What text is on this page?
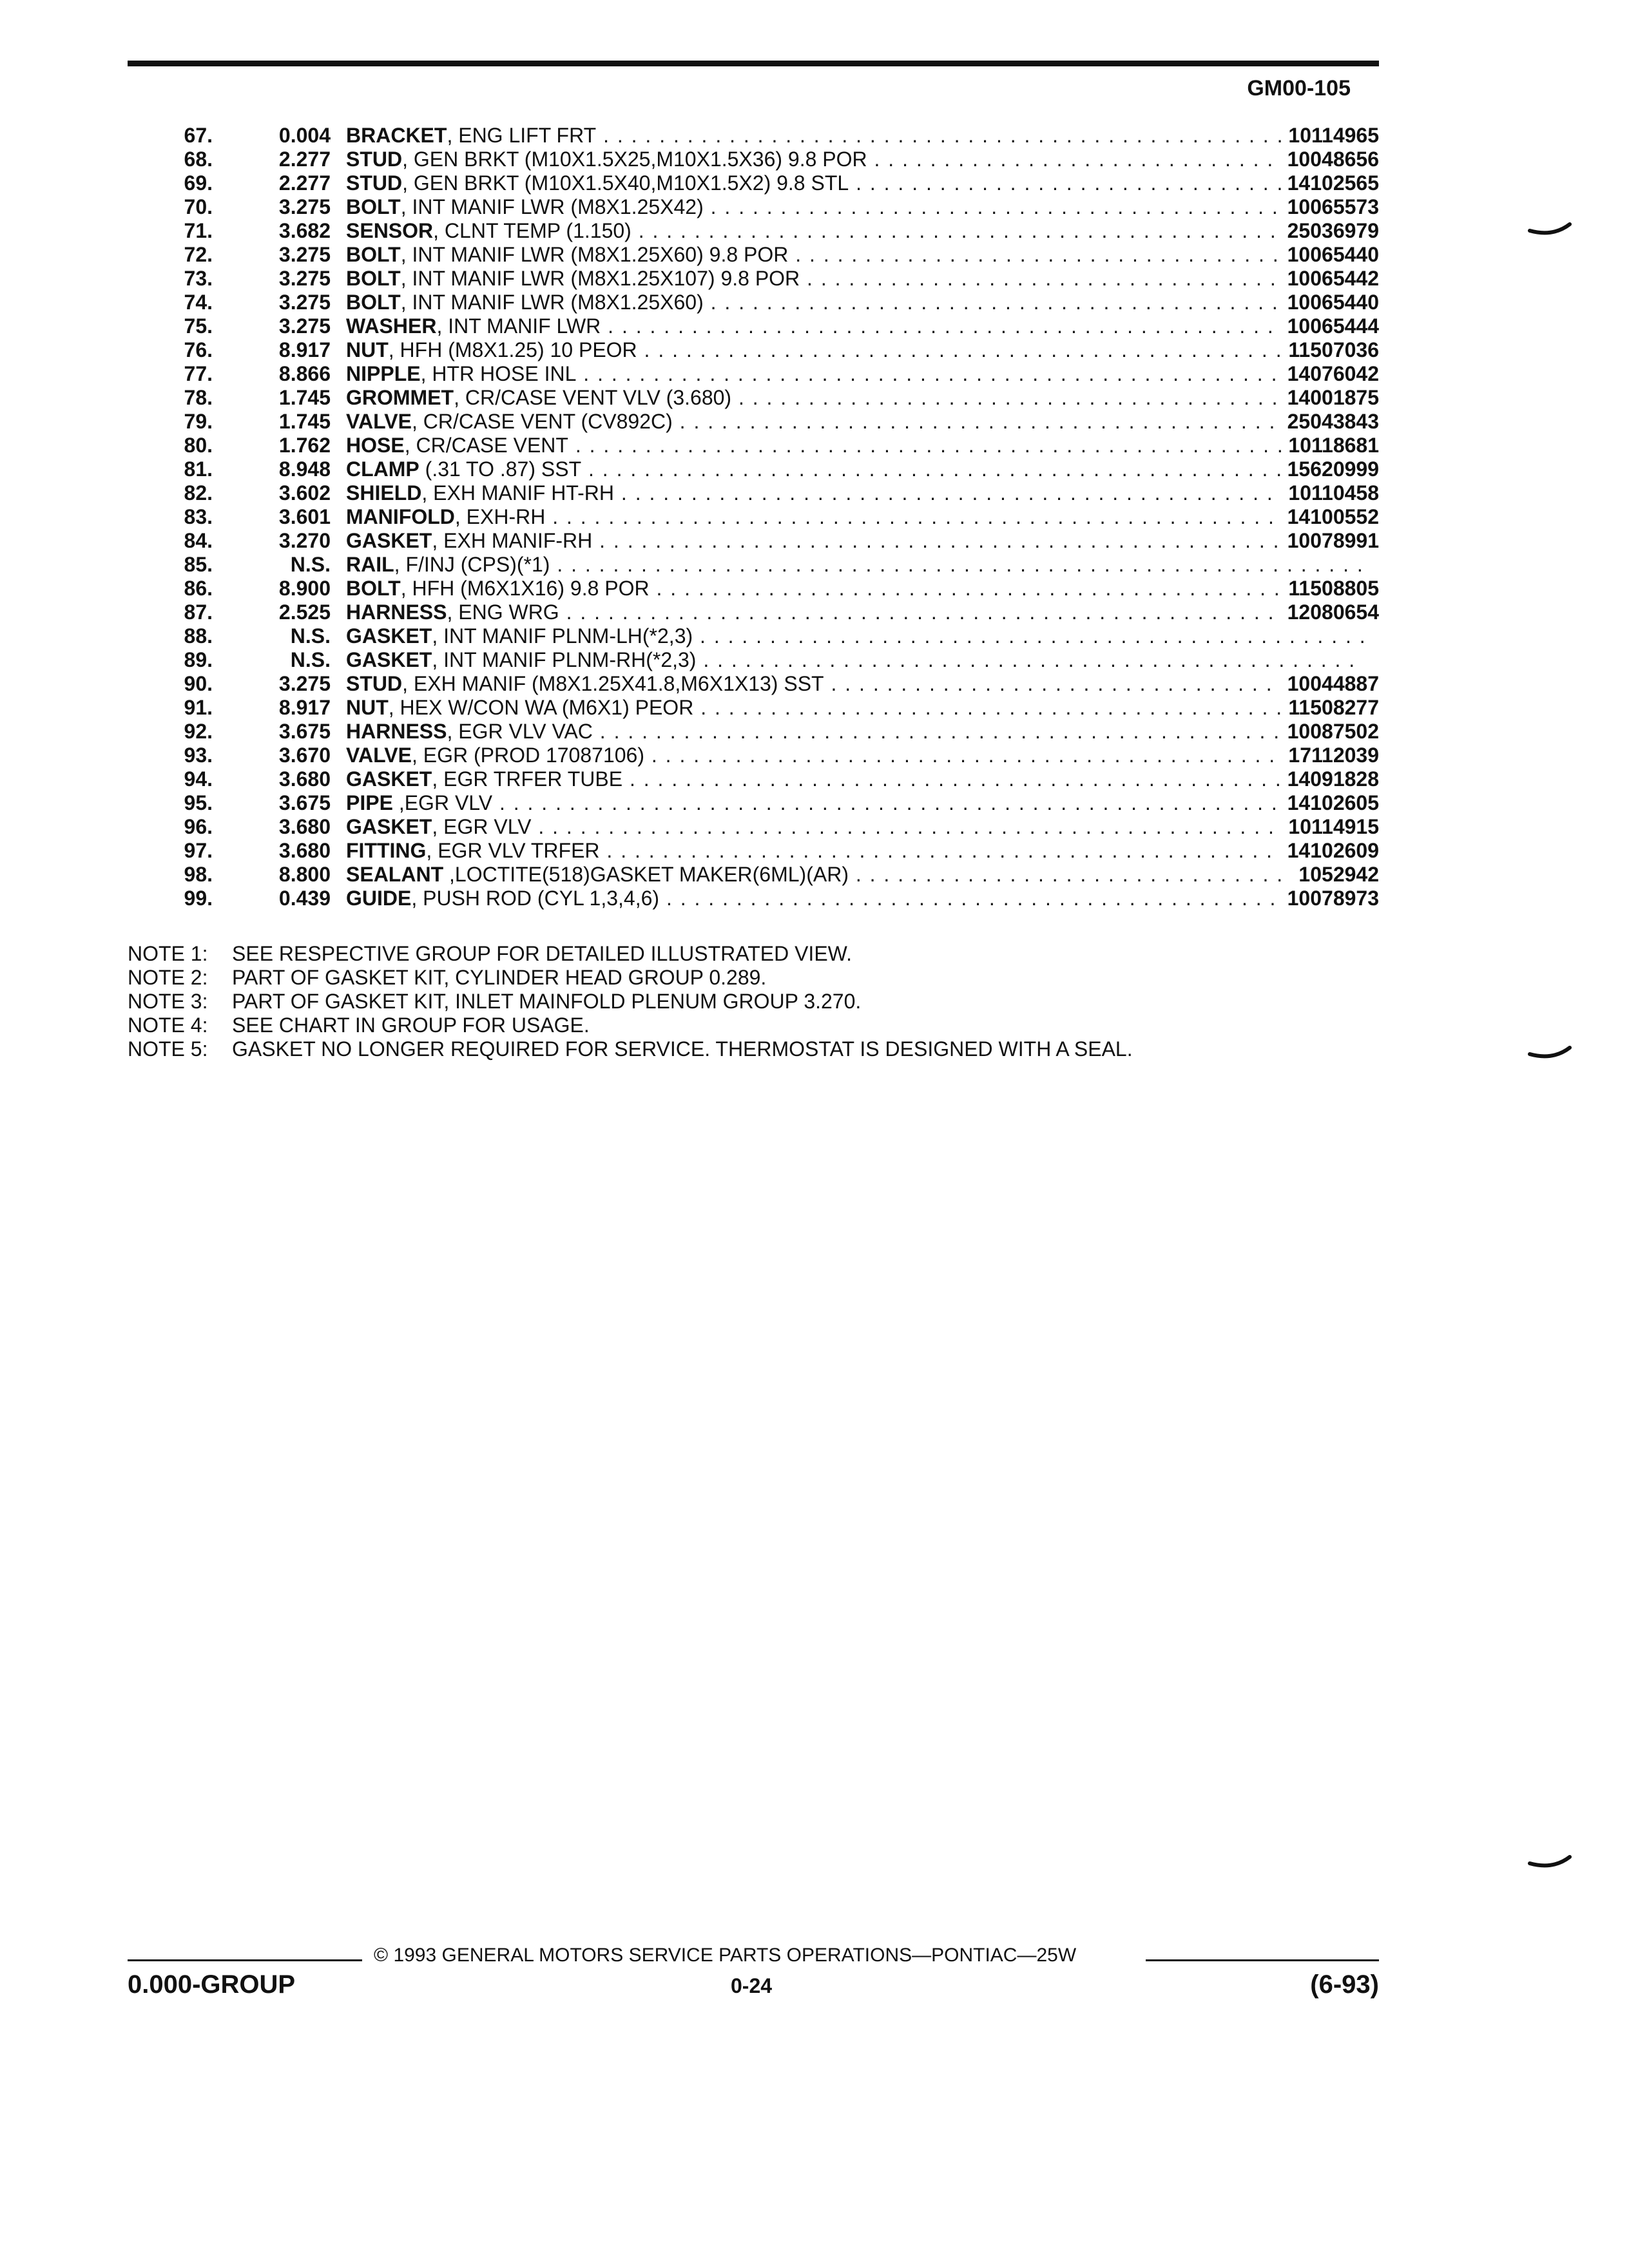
GM00-105
67.	0.004 BRACKET, ENG LIFT FRT . . .	10114965
68.	2.277 STUD, GEN BRKT (M10X1.5X25,M10X1.5X36) 9.8 POR . . .	10048656
69.	2.277 STUD, GEN BRKT (M10X1.5X40,M10X1.5X2) 9.8 STL . . .	14102565
70.	3.275 BOLT, INT MANIF LWR (M8X1.25X42) . . .	10065573
71.	3.682 SENSOR, CLNT TEMP (1.150) . . .	25036979
72.	3.275 BOLT, INT MANIF LWR (M8X1.25X60) 9.8 POR . . .	10065440
73.	3.275 BOLT, INT MANIF LWR (M8X1.25X107) 9.8 POR . . .	10065442
74.	3.275 BOLT, INT MANIF LWR (M8X1.25X60) . . .	10065440
75.	3.275 WASHER, INT MANIF LWR . . .	10065444
76.	8.917 NUT, HFH (M8X1.25) 10 PEOR . . .	11507036
77.	8.866 NIPPLE, HTR HOSE INL . . .	14076042
78.	1.745 GROMMET, CR/CASE VENT VLV (3.680) . . .	14001875
79.	1.745 VALVE, CR/CASE VENT (CV892C) . . .	25043843
80.	1.762 HOSE, CR/CASE VENT . . .	10118681
81.	8.948 CLAMP (.31 TO .87) SST . . .	15620999
82.	3.602 SHIELD, EXH MANIF HT-RH . . .	10110458
83.	3.601 MANIFOLD, EXH-RH . . .	14100552
84.	3.270 GASKET, EXH MANIF-RH . . .	10078991
85.	N.S. RAIL, F/INJ (CPS)(*1) . . .
86.	8.900 BOLT, HFH (M6X1X16) 9.8 POR . . .	11508805
87.	2.525 HARNESS, ENG WRG . . .	12080654
88.	N.S. GASKET, INT MANIF PLNM-LH(*2,3) . . .
89.	N.S. GASKET, INT MANIF PLNM-RH(*2,3) . . .
90.	3.275 STUD, EXH MANIF (M8X1.25X41.8,M6X1X13) SST . . .	10044887
91.	8.917 NUT, HEX W/CON WA (M6X1) PEOR . . .	11508277
92.	3.675 HARNESS, EGR VLV VAC . . .	10087502
93.	3.670 VALVE, EGR (PROD 17087106) . . .	17112039
94.	3.680 GASKET, EGR TRFER TUBE . . .	14091828
95.	3.675 PIPE ,EGR VLV . . .	14102605
96.	3.680 GASKET, EGR VLV . . .	10114915
97.	3.680 FITTING, EGR VLV TRFER . . .	14102609
98.	8.800 SEALANT ,LOCTITE(518)GASKET MAKER(6ML)(AR) . . .	1052942
99.	0.439 GUIDE, PUSH ROD (CYL 1,3,4,6) . . .	10078973
NOTE 1: SEE RESPECTIVE GROUP FOR DETAILED ILLUSTRATED VIEW.
NOTE 2: PART OF GASKET KIT, CYLINDER HEAD GROUP 0.289.
NOTE 3: PART OF GASKET KIT, INLET MAINFOLD PLENUM GROUP 3.270.
NOTE 4: SEE CHART IN GROUP FOR USAGE.
NOTE 5: GASKET NO LONGER REQUIRED FOR SERVICE. THERMOSTAT IS DESIGNED WITH A SEAL.
© 1993 GENERAL MOTORS SERVICE PARTS OPERATIONS—PONTIAC—25W
0.000-GROUP	0-24	(6-93)
